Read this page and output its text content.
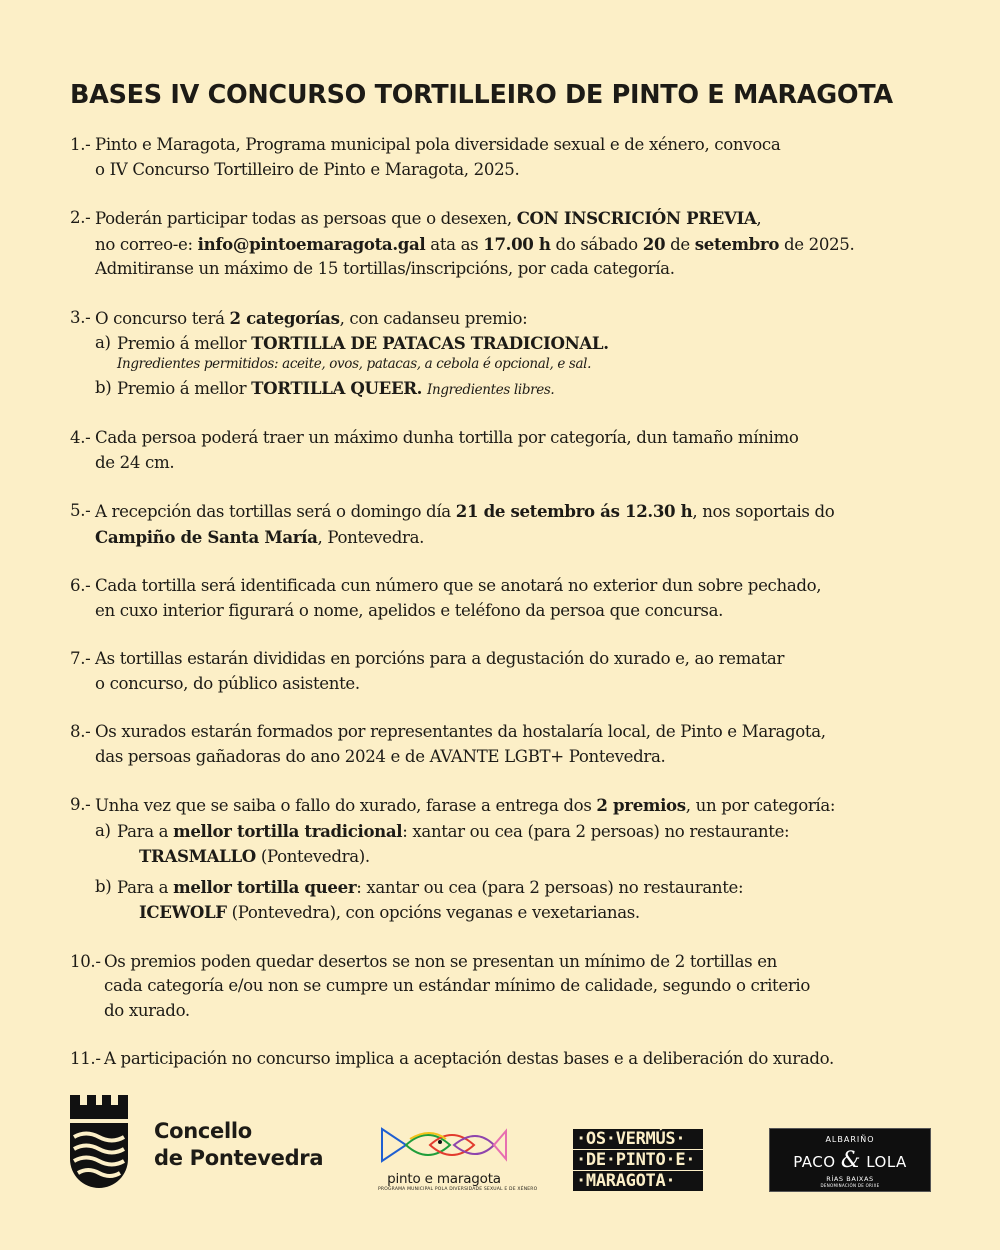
BASES IV CONCURSO TORTILLEIRO DE PINTO E MARAGOTA
1.- Pinto e Maragota, Programa municipal pola diversidade sexual e de xénero, convoca
o IV Concurso Tortilleiro de Pinto e Maragota, 2025.
2.- Poderán participar todas as persoas que o desexen, CON INSCRICIÓN PREVIA,
no correo-e: info@pintoemaragota.gal ata as 17.00 h do sábado 20 de setembro de 2025.
Admitiranse un máximo de 15 tortillas/inscripcións, por cada categoría.
3.- O concurso terá 2 categorías, con cadanseu premio:
a) Premio á mellor TORTILLA DE PATACAS TRADICIONAL.
Ingredientes permitidos: aceite, ovos, patacas, a cebola é opcional, e sal.
b) Premio á mellor TORTILLA QUEER. Ingredientes libres.
4.- Cada persoa poderá traer un máximo dunha tortilla por categoría, dun tamaño mínimo
de 24 cm.
5.- A recepción das tortillas será o domingo día 21 de setembro ás 12.30 h, nos soportais do
Campiño de Santa María, Pontevedra.
6.- Cada tortilla será identificada cun número que se anotará no exterior dun sobre pechado,
en cuxo interior figurará o nome, apelidos e teléfono da persoa que concursa.
7.- As tortillas estarán divididas en porcións para a degustación do xurado e, ao rematar
o concurso, do público asistente.
8.- Os xurados estarán formados por representantes da hostalaría local, de Pinto e Maragota,
das persoas gañadoras do ano 2024 e de AVANTE LGBT+ Pontevedra.
9.- Unha vez que se saiba o fallo do xurado, farase a entrega dos 2 premios, un por categoría:
a) Para a mellor tortilla tradicional: xantar ou cea (para 2 persoas) no restaurante:
TRASMALLO (Pontevedra).
b) Para a mellor tortilla queer: xantar ou cea (para 2 persoas) no restaurante:
ICEWOLF (Pontevedra), con opcións veganas e vexetarianas.
10.- Os premios poden quedar desertos se non se presentan un mínimo de 2 tortillas en
cada categoría e/ou non se cumpre un estándar mínimo de calidade, segundo o criterio
do xurado.
11.- A participación no concurso implica a aceptación destas bases e a deliberación do xurado.
Concello
de Pontevedra
pinto e maragota
PROGRAMA MUNICIPAL POLA DIVERSIDADE SEXUAL E DE XÉNERO
·OS·VERMÚS·
·DE·PINTO·E·
·MARAGOTA·
ALBARIÑO
PACO & LOLA
RÍAS BAIXAS
DENOMINACIÓN DE ORIXE
